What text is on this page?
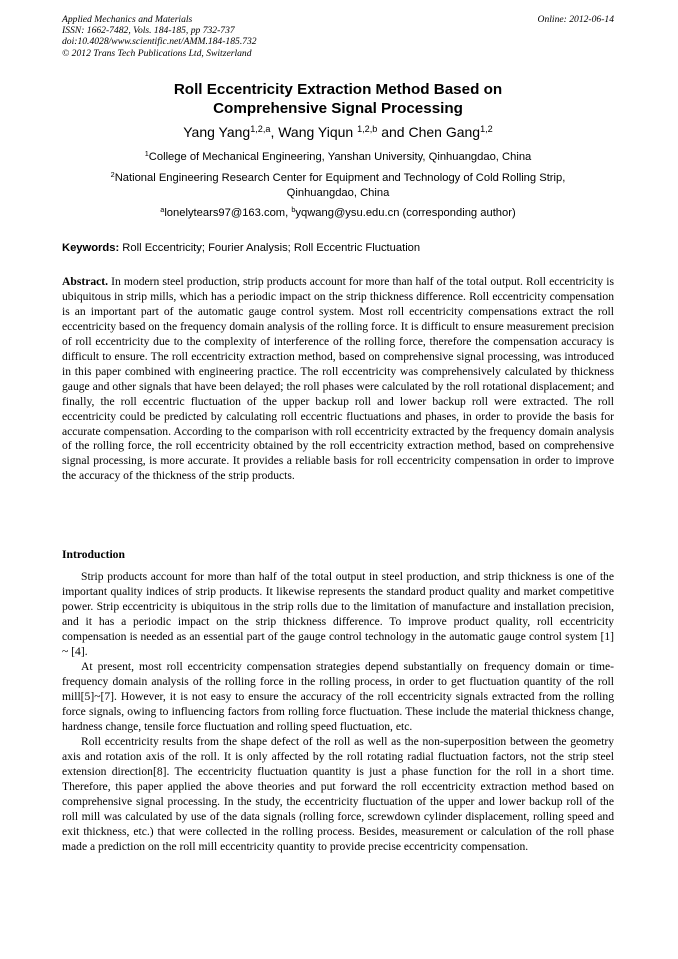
Applied Mechanics and Materials
ISSN: 1662-7482, Vols. 184-185, pp 732-737
doi:10.4028/www.scientific.net/AMM.184-185.732
© 2012 Trans Tech Publications Ltd, Switzerland
Online: 2012-06-14
Roll Eccentricity Extraction Method Based on
Comprehensive Signal Processing
Yang Yang$^{1,2,a}$, Wang Yiqun $^{1,2,b}$ and Chen Gang$^{1,2}$
$^1$College of Mechanical Engineering, Yanshan University, Qinhuangdao, China
$^2$National Engineering Research Center for Equipment and Technology of Cold Rolling Strip,
Qinhuangdao, China
$^a$lonelytears97@163.com, $^b$yqwang@ysu.edu.cn (corresponding author)
Keywords: Roll Eccentricity; Fourier Analysis; Roll Eccentric Fluctuation

Abstract. In modern steel production, strip products account for more than half of the total output. Roll eccentricity is ubiquitous in strip mills, which has a periodic impact on the strip thickness difference. Roll eccentricity compensation is an important part of the automatic gauge control system. Most roll eccentricity compensations extract the roll eccentricity based on the frequency domain analysis of the rolling force. It is difficult to ensure measurement precision of roll eccentricity due to the complexity of interference of the rolling force, therefore the compensation accuracy is difficult to ensure. The roll eccentricity extraction method, based on comprehensive signal processing, was introduced in this paper combined with engineering practice. The roll eccentricity was comprehensively calculated by thickness gauge and other signals that have been delayed; the roll phases were calculated by the roll rotational displacement; and finally, the roll eccentric fluctuation of the upper backup roll and lower backup roll were extracted. The roll eccentricity could be predicted by calculating roll eccentric fluctuations and phases, in order to provide the basis for accurate compensation. According to the comparison with roll eccentricity extracted by the frequency domain analysis of the rolling force, the roll eccentricity obtained by the roll eccentricity extraction method, based on comprehensive signal processing, is more accurate. It provides a reliable basis for roll eccentricity compensation in order to improve the accuracy of the thickness of the strip products.

Introduction

Strip products account for more than half of the total output in steel production, and strip thickness is one of the important quality indices of strip products. It likewise represents the standard product quality and market competitive power. Strip eccentricity is ubiquitous in the strip rolls due to the limitation of manufacture and installation precision, and it has a periodic impact on the strip thickness difference. To improve product quality, roll eccentricity compensation is needed as an essential part of the gauge control technology in the automatic gauge control system [1] ~ [4].

At present, most roll eccentricity compensation strategies depend substantially on frequency domain or time-frequency domain analysis of the rolling force in the rolling process, in order to get fluctuation quantity of the roll mill[5]~[7]. However, it is not easy to ensure the accuracy of the roll eccentricity signals extracted from the rolling force signals, owing to influencing factors from rolling force fluctuation. These include the material thickness change, hardness change, tensile force fluctuation and rolling speed fluctuation, etc.

Roll eccentricity results from the shape defect of the roll as well as the non-superposition between the geometry axis and rotation axis of the roll. It is only affected by the roll rotating radial fluctuation factors, not the strip steel extension direction[8]. The eccentricity fluctuation quantity is just a phase function for the roll in a short time. Therefore, this paper applied the above theories and put forward the roll eccentricity extraction method based on comprehensive signal processing. In the study, the eccentricity fluctuation of the upper and lower backup roll of the roll mill was calculated by use of the data signals (rolling force, screwdown cylinder displacement, rolling speed and exit thickness, etc.) that were collected in the rolling process. Besides, measurement or calculation of the roll phase made a prediction on the roll mill eccentricity quantity to provide precise eccentricity compensation.
